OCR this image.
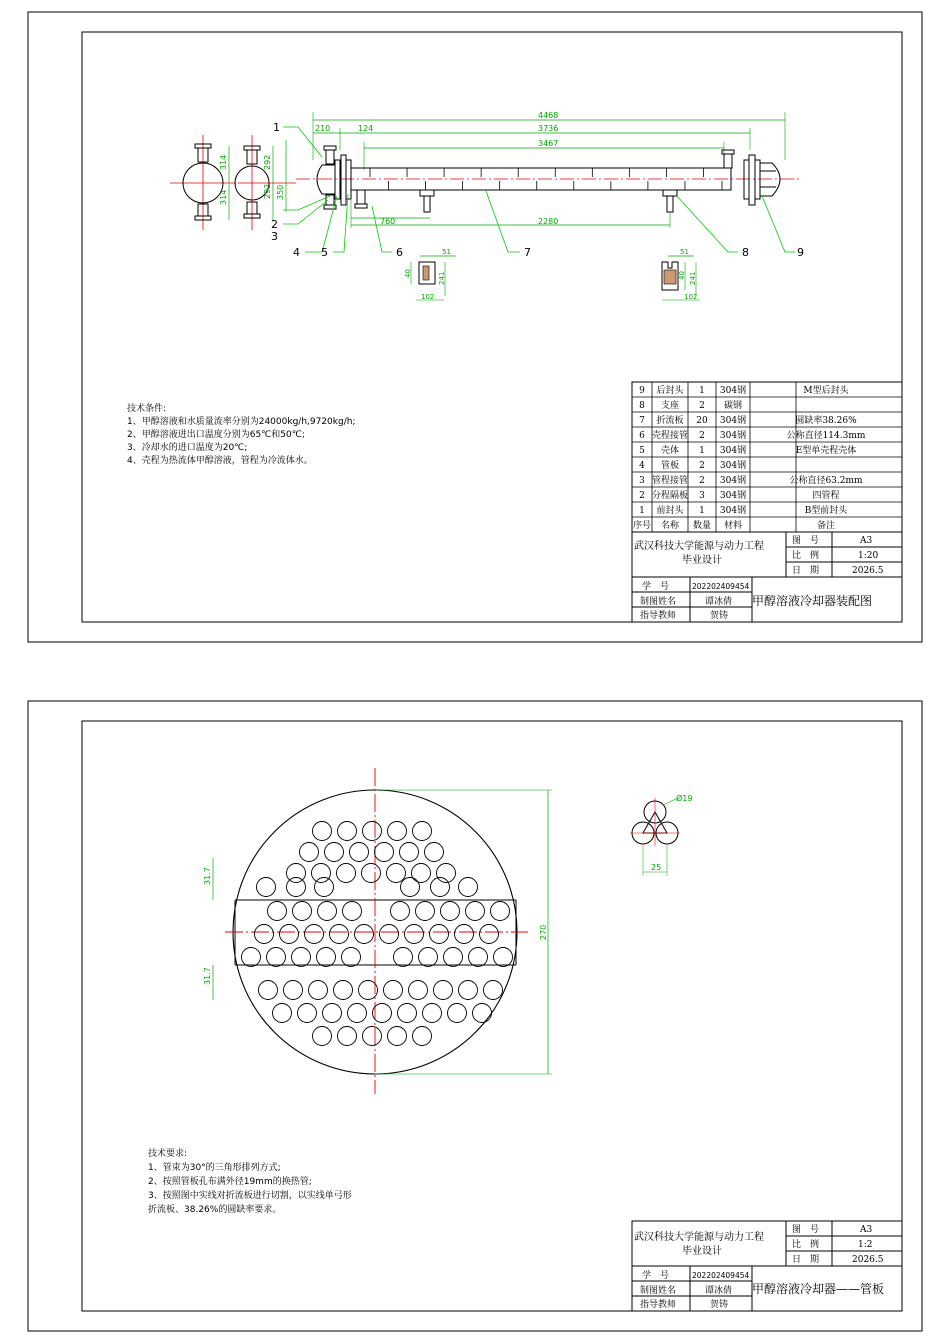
314
314
292
292 350
4468
3736
3467
210	124
760	2280
1
2
3
4 5	6	7	8	9
51
40	241
102
51
40 241
102
技术条件:
1、甲醇溶液和水质量流率分别为24000kg/h,9720kg/h;
2、甲醇溶液进出口温度分别为65℃和50℃;
3、冷却水的进口温度为20℃;
4、壳程为热流体甲醇溶液，管程为冷流体水。
9 后封头 1 304钢	M型后封头
8 支座 2 碳钢
7 折流板 20 304钢	圆缺率38.26%
6 壳程接管 2 304钢	公称直径114.3mm
5 壳体 1 304钢	E型单壳程壳体
4 管板 2 304钢
3 管程接管 2 304钢	公称直径63.2mm
2 分程隔板 3 304钢	四管程
1 前封头 1 304钢	B型前封头
序号 名称 数量 材料	备注
武汉科技大学能源与动力工程
毕业设计
图　号	A3
比　例	1:20
日　期	2026.5
学　号	202202409454
制图姓名	谭冰倩
指导教师	贺铸
甲醇溶液冷却器装配图
270
31.7
31.7
Ø19
25
技术要求:
1、管束为30°的三角形排列方式;
2、按照管板孔布满外径19mm的换热管;
3、按照图中实线对折流板进行切割，以实线单弓形
折流板、38.26%的圆缺率要求。
武汉科技大学能源与动力工程
毕业设计
图　号	A3
比　例	1:2
日　期	2026.5
学　号	202202409454
制图姓名	谭冰倩
指导教师	贺铸
甲醇溶液冷却器——管板
